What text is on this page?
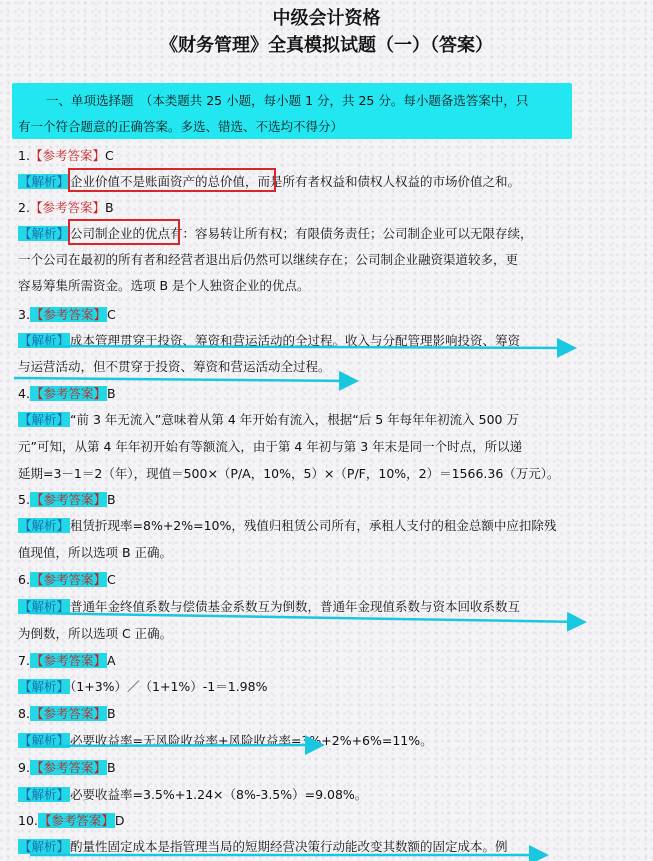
中级会计资格
《财务管理》全真模拟试题（一）（答案）
一、单项选择题　（本类题共 25 小题，每小题 1 分，共 25 分。每小题备选答案中，只
有一个符合题意的正确答案。多选、错选、不选均不得分）
1.【参考答案】C
【解析】企业价值不是账面资产的总价值，而是所有者权益和债权人权益的市场价值之和。
2.【参考答案】B
【解析】公司制企业的优点有：容易转让所有权；有限债务责任；公司制企业可以无限存续，
一个公司在最初的所有者和经营者退出后仍然可以继续存在；公司制企业融资渠道较多，更
容易筹集所需资金。选项 B 是个人独资企业的优点。
3.【参考答案】C
【解析】成本管理贯穿于投资、筹资和营运活动的全过程。收入与分配管理影响投资、筹资
与运营活动，但不贯穿于投资、筹资和营运活动全过程。
4.【参考答案】B
【解析】“前 3 年无流入”意味着从第 4 年开始有流入，根据“后 5 年每年年初流入 500 万
元”可知，从第 4 年年初开始有等额流入，由于第 4 年初与第 3 年末是同一个时点，所以递
延期=3－1＝2（年），现值＝500×（P/A，10%，5）×（P/F，10%，2）＝1566.36（万元）。
5.【参考答案】B
【解析】租赁折现率=8%+2%=10%，残值归租赁公司所有，承租人支付的租金总额中应扣除残
值现值，所以选项 B 正确。
6.【参考答案】C
【解析】普通年金终值系数与偿债基金系数互为倒数，普通年金现值系数与资本回收系数互
为倒数，所以选项 C 正确。
7.【参考答案】A
【解析】（1+3%）／（1+1%）-1＝1.98%
8.【参考答案】B
【解析】必要收益率=无风险收益率+风险收益率=3%+2%+6%=11%。
9.【参考答案】B
【解析】必要收益率=3.5%+1.24×（8%-3.5%）=9.08%。
10.【参考答案】D
【解析】酌量性固定成本是指管理当局的短期经营决策行动能改变其数额的固定成本。例
